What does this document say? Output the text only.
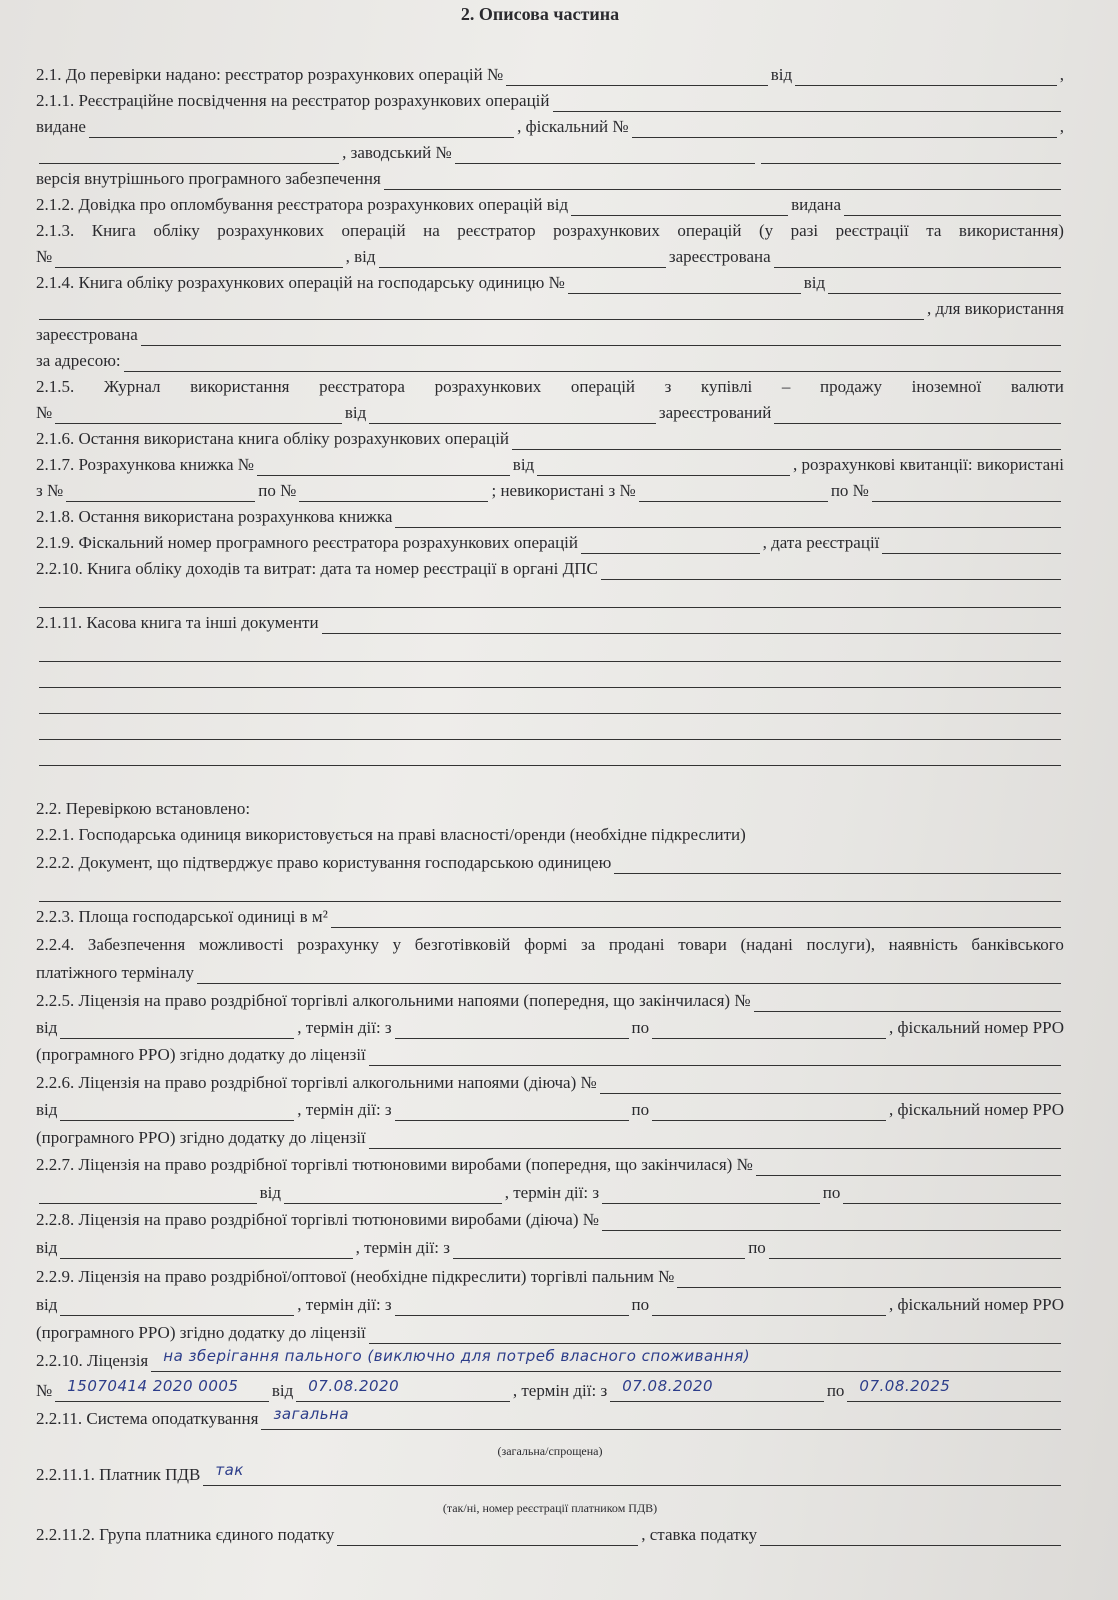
2. Описова частина
2.1. До перевірки надано: реєстратор розрахункових операцій №	від	,
2.1.1. Реєстраційне посвідчення на реєстратор розрахункових операцій
видане	, фіскальний №	,
, заводський №
версія внутрішнього програмного забезпечення
2.1.2. Довідка про опломбування реєстратора розрахункових операцій від	видана
2.1.3. Книга обліку розрахункових операцій на реєстратор розрахункових операцій (у разі реєстрації та використання)
№	, від	зареєстрована
2.1.4. Книга обліку розрахункових операцій на господарську одиницю №	від
, для використання
зареєстрована
за адресою:
2.1.5. Журнал використання реєстратора розрахункових операцій з купівлі – продажу іноземної валюти
№	від	зареєстрований
2.1.6. Остання використана книга обліку розрахункових операцій
2.1.7. Розрахункова книжка №	від	, розрахункові квитанції: використані
з №	по №	; невикористані з №	по №
2.1.8. Остання використана розрахункова книжка
2.1.9. Фіскальний номер програмного реєстратора розрахункових операцій	, дата реєстрації
2.2.10. Книга обліку доходів та витрат: дата та номер реєстрації в органі ДПС
2.1.11. Касова книга та інші документи
2.2. Перевіркою встановлено:
2.2.1. Господарська одиниця використовується на праві власності/оренди (необхідне підкреслити)
2.2.2. Документ, що підтверджує право користування господарською одиницею
2.2.3. Площа господарської одиниці в м²
2.2.4. Забезпечення можливості розрахунку у безготівковій формі за продані товари (надані послуги), наявність банківського
платіжного терміналу
2.2.5. Ліцензія на право роздрібної торгівлі алкогольними напоями (попередня, що закінчилася) №
від	, термін дії: з	по	, фіскальний номер РРО
(програмного РРО) згідно додатку до ліцензії
2.2.6. Ліцензія на право роздрібної торгівлі алкогольними напоями (діюча) №
від	, термін дії: з	по	, фіскальний номер РРО
(програмного РРО) згідно додатку до ліцензії
2.2.7. Ліцензія на право роздрібної торгівлі тютюновими виробами (попередня, що закінчилася) №
від	, термін дії: з	по
2.2.8. Ліцензія на право роздрібної торгівлі тютюновими виробами (діюча) №
від	, термін дії: з	по
2.2.9. Ліцензія на право роздрібної/оптової (необхідне підкреслити) торгівлі пальним №
від	, термін дії: з	по	, фіскальний номер РРО
(програмного РРО) згідно додатку до ліцензії
2.2.10. Ліцензія на зберігання пального (виключно для потреб власного споживання)
№ 15070414 2020 0005 від 07.08.2020	, термін дії: з 07.08.2020	по 07.08.2025
2.2.11. Система оподаткування загальна
(загальна/спрощена)
2.2.11.1. Платник ПДВ так
(так/ні, номер реєстрації платником ПДВ)
2.2.11.2. Група платника єдиного податку	, ставка податку
